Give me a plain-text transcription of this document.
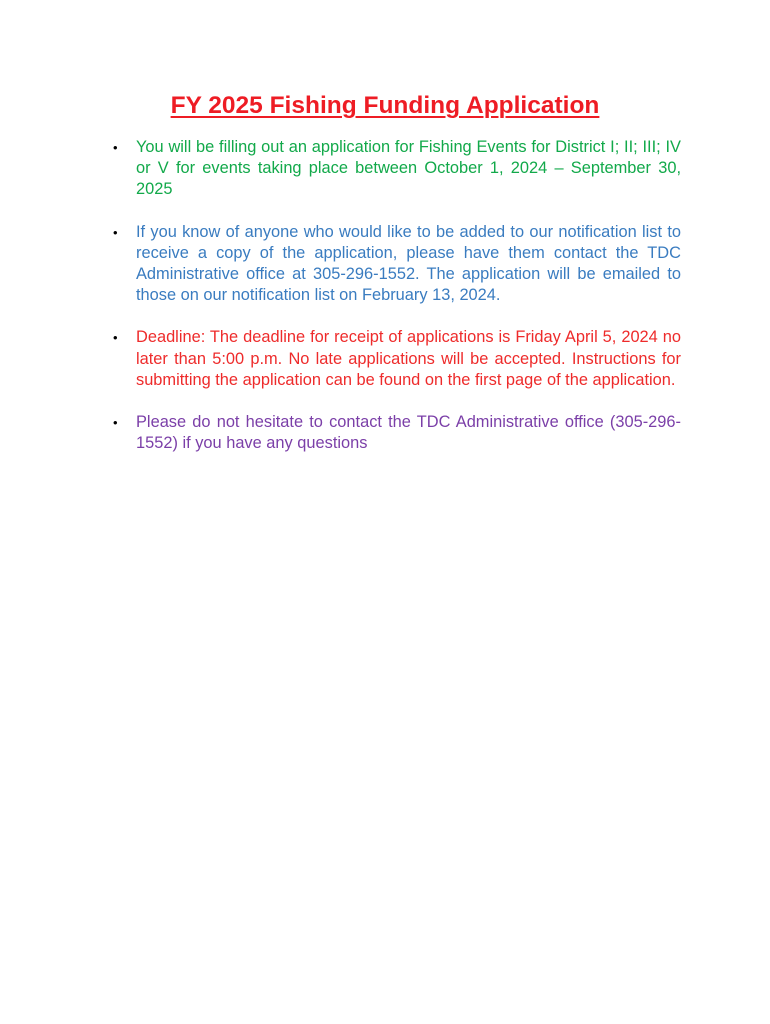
FY 2025 Fishing Funding Application
•	You will be filling out an application for Fishing Events for District I; II; III; IV or V for events taking place between October 1, 2024 – September 30, 2025
•	If you know of anyone who would like to be added to our notification list to receive a copy of the application, please have them contact the TDC Administrative office at 305-296-1552. The application will be emailed to those on our notification list on February 13, 2024.
•	Deadline: The deadline for receipt of applications is Friday April 5, 2024 no later than 5:00 p.m. No late applications will be accepted. Instructions for submitting the application can be found on the first page of the application.
•	Please do not hesitate to contact the TDC Administrative office (305-296-1552) if you have any questions
